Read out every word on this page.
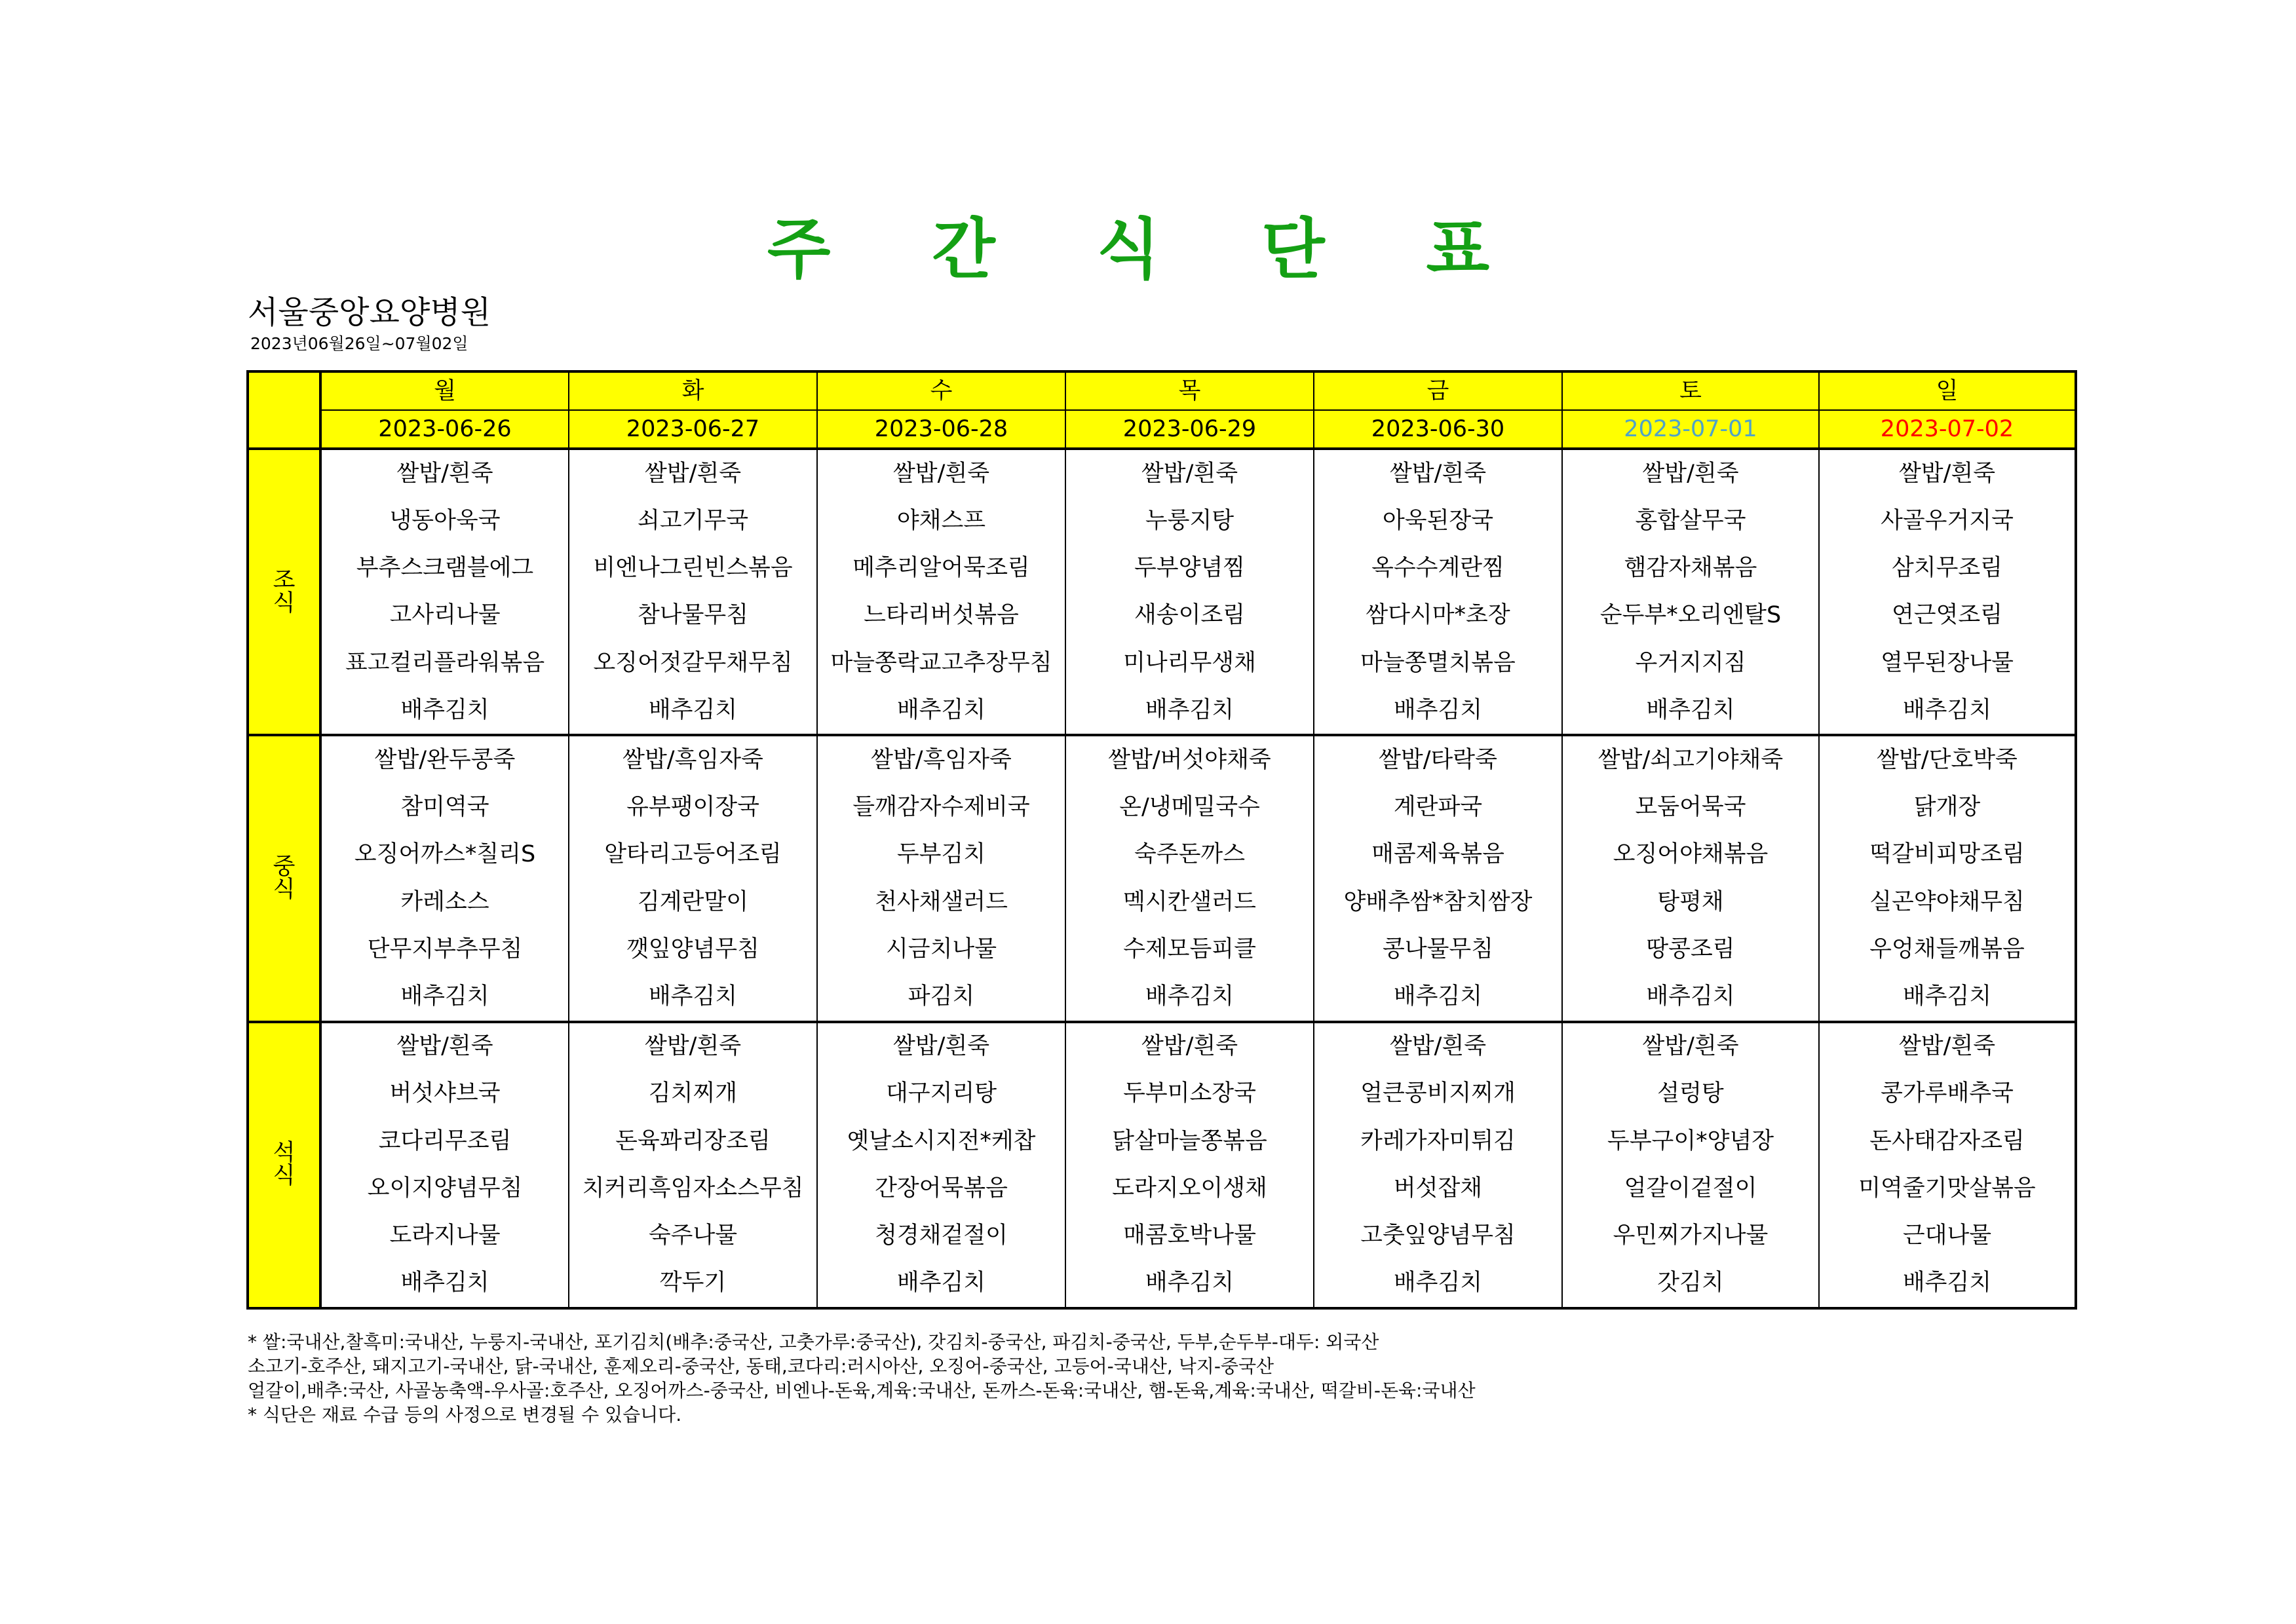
주 간 식 단 표
서울중앙요양병원
2023년06월26일~07월02일
	월	화	수	목	금	토	일
	2023-06-26	2023-06-27	2023-06-28	2023-06-29	2023-06-30	2023-07-01	2023-07-02
조
식	쌀밥/흰죽	쌀밥/흰죽	쌀밥/흰죽	쌀밥/흰죽	쌀밥/흰죽	쌀밥/흰죽	쌀밥/흰죽
	냉동아욱국	쇠고기무국	야채스프	누룽지탕	아욱된장국	홍합살무국	사골우거지국
	부추스크램블에그	비엔나그린빈스볶음	메추리알어묵조림	두부양념찜	옥수수계란찜	햄감자채볶음	삼치무조림
	고사리나물	참나물무침	느타리버섯볶음	새송이조림	쌈다시마*초장	순두부*오리엔탈S	연근엿조림
	표고컬리플라워볶음	오징어젓갈무채무침	마늘쫑락교고추장무침	미나리무생채	마늘쫑멸치볶음	우거지지짐	열무된장나물
	배추김치	배추김치	배추김치	배추김치	배추김치	배추김치	배추김치
중
식	쌀밥/완두콩죽	쌀밥/흑임자죽	쌀밥/흑임자죽	쌀밥/버섯야채죽	쌀밥/타락죽	쌀밥/쇠고기야채죽	쌀밥/단호박죽
	참미역국	유부팽이장국	들깨감자수제비국	온/냉메밀국수	계란파국	모둠어묵국	닭개장
	오징어까스*칠리S	알타리고등어조림	두부김치	숙주돈까스	매콤제육볶음	오징어야채볶음	떡갈비피망조림
	카레소스	김계란말이	천사채샐러드	멕시칸샐러드	양배추쌈*참치쌈장	탕평채	실곤약야채무침
	단무지부추무침	깻잎양념무침	시금치나물	수제모듬피클	콩나물무침	땅콩조림	우엉채들깨볶음
	배추김치	배추김치	파김치	배추김치	배추김치	배추김치	배추김치
석
식	쌀밥/흰죽	쌀밥/흰죽	쌀밥/흰죽	쌀밥/흰죽	쌀밥/흰죽	쌀밥/흰죽	쌀밥/흰죽
	버섯샤브국	김치찌개	대구지리탕	두부미소장국	얼큰콩비지찌개	설렁탕	콩가루배추국
	코다리무조림	돈육꽈리장조림	옛날소시지전*케찹	닭살마늘쫑볶음	카레가자미튀김	두부구이*양념장	돈사태감자조림
	오이지양념무침	치커리흑임자소스무침	간장어묵볶음	도라지오이생채	버섯잡채	얼갈이겉절이	미역줄기맛살볶음
	도라지나물	숙주나물	청경채겉절이	매콤호박나물	고춧잎양념무침	우민찌가지나물	근대나물
	배추김치	깍두기	배추김치	배추김치	배추김치	갓김치	배추김치
* 쌀:국내산,찰흑미:국내산, 누룽지-국내산, 포기김치(배추:중국산, 고춧가루:중국산), 갓김치-중국산, 파김치-중국산, 두부,순두부-대두: 외국산
소고기-호주산, 돼지고기-국내산, 닭-국내산, 훈제오리-중국산, 동태,코다리:러시아산, 오징어-중국산, 고등어-국내산, 낙지-중국산
얼갈이,배추:국산, 사골농축액-우사골:호주산, 오징어까스-중국산, 비엔나-돈육,계육:국내산, 돈까스-돈육:국내산, 햄-돈육,계육:국내산, 떡갈비-돈육:국내산
* 식단은 재료 수급 등의 사정으로 변경될 수 있습니다.
